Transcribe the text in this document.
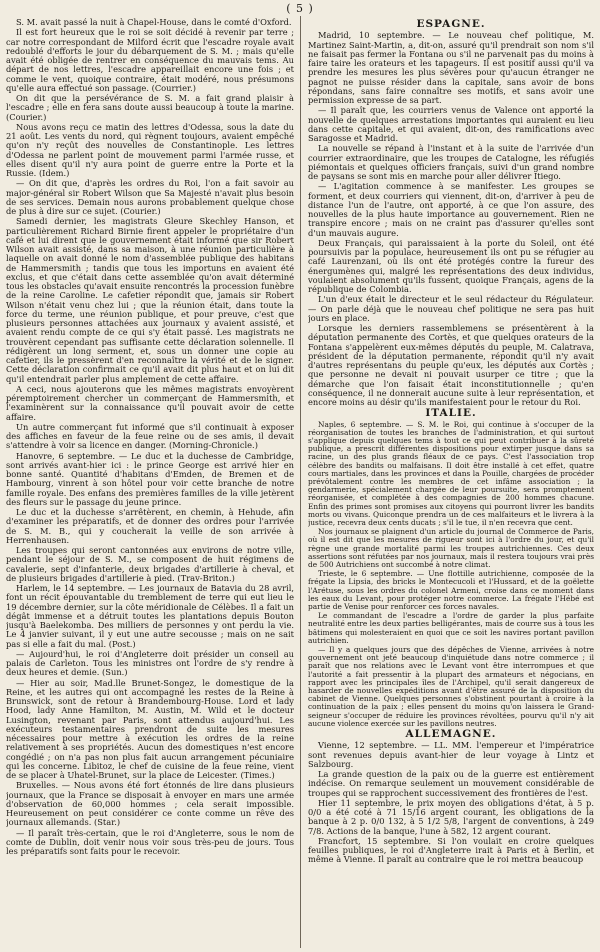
( 5 )

S. M. avait passé la nuit à Chapel-House, dans le comté d'Oxford.

Il est fort heureux que le roi se soit décidé à revenir par terre ; car notre correspondant de Milford écrit que l'escadre royale avait redoublé d'efforts le jour du débarquement de S. M. ; mais qu'elle avait été obligée de rentrer en conséquence du mauvais tems. Au départ de nos lettres, l'escadre appareillait encore une fois ; et comme le vent, quoique contraire, était modéré, nous présumons qu'elle aura effectué son passage. (Courrier.)

On dit que la persévérance de S. M. a fait grand plaisir à l'escadre ; elle en fera sans doute aussi beaucoup à toute la marine. (Courier.)

Nous avons reçu ce matin des lettres d'Odessa, sous la date du 21 août. Les vents du nord, qui règnent toujours, avaient empêché qu'on n'y reçût des nouvelles de Constantinople. Les lettres d'Odessa ne parlent point de mouvement parmi l'armée russe, et elles disent qu'il n'y aura point de guerre entre la Porte et la Russie. (Idem.)

— On dit que, d'après les ordres du Roi, l'on a fait savoir au major-général sir Robert Wilson que Sa Majesté n'avait plus besoin de ses services. Demain nous aurons probablement quelque chose de plus à dire sur ce sujet. (Courier.)

Samedi dernier, les magistrats Gleure Skechley Hanson, et particulièrement Richard Birnie firent appeler le propriétaire d'un café et lui dirent que le gouvernement était informé que sir Robert Wilson avait assisté, dans sa maison, à une réunion particulière à laquelle on avait donné le nom d'assemblée publique des habitans de Hammersmith ; tandis que tous les importuns en avaient été exclus, et que c'était dans cette assemblée qu'on avait déterminé tous les obstacles qu'avait ensuite rencontrés la procession funèbre de la reine Caroline. Le cafetier répondit que, jamais sir Robert Wilson n'était venu chez lui ; que la réunion était, dans toute la force du terme, une réunion publique, et pour preuve, c'est que plusieurs personnes attachées aux journaux y avaient assisté, et avaient rendu compte de ce qui s'y était passé. Les magistrats ne trouvèrent cependant pas suffisante cette déclaration solennelle. Il rédigèrent un long serment, et, sous un donner une copie au cafetier, ils le pressèrent d'en reconnaître la vérité et de le signer. Cette déclaration confirmait ce qu'il avait dit plus haut et on lui dit qu'il entendrait parler plus amplement de cette affaire.

A ceci, nous ajouterons que les mêmes magistrats envoyèrent péremptoirement chercher un commerçant de Hammersmith, et l'examinèrent sur la connaissance qu'il pouvait avoir de cette affaire.

Un autre commerçant fut informé que s'il continuait à exposer des affiches en faveur de la feue reine ou de ses amis, il devait s'attendre à voir sa licence en danger. (Morning-Chronicle.)

Hanovre, 6 septembre. — Le duc et la duchesse de Cambridge, sont arrivés avant-hier ici : le prince George est arrivé hier en bonne santé. Quantité d'habitans d'Emden, de Bremen et de Hambourg, vinrent à son hôtel pour voir cette branche de notre famille royale. Des enfans des premières familles de la ville jetèrent des fleurs sur le passage du jeune prince.

Le duc et la duchesse s'arrêtèrent, en chemin, à Hehude, afin d'examiner les préparatifs, et de donner des ordres pour l'arrivée de S. M. B., qui y coucherait la veille de son arrivée à Herrenhausen.

Les troupes qui seront cantonnées aux environs de notre ville, pendant le séjour de S. M., se composent de huit régimens de cavalerie, sept d'infanterie, deux brigades d'artillerie à cheval, et de plusieurs brigades d'artillerie à pied. (Trav-Briton.)

Harlem, le 14 septembre. — Les journaux de Batavia du 28 avril, font un récit épouvantable du tremblement de terre qui eut lieu le 19 décembre dernier, sur la côte méridionale de Célèbes. Il a fait un dégât immense et a détruit toutes les plantations depuis Bouton jusqu'à Baelekomba. Des milliers de personnes y ont perdu la vie. Le 4 janvier suivant, il y eut une autre secousse ; mais on ne sait pas si elle a fait du mal. (Post.)

— Aujourd'hui, le roi d'Angleterre doit présider un conseil au palais de Carleton. Tous les ministres ont l'ordre de s'y rendre à deux heures et demie. (Sun.)

— Hier au soir, Mad.lle Brunet-Songez, le domestique de la Reine, et les autres qui ont accompagné les restes de la Reine à Brunswick, sont de retour à Brandembourg-House. Lord et lady Hood, lady Anne Hamilton, M. Austin, M. Wild et le docteur Lusington, revenant par Paris, sont attendus aujourd'hui. Les exécuteurs testamentaires prendront de suite les mesures nécessaires pour mettre à exécution les ordres de la reine relativement à ses propriétés. Aucun des domestiques n'est encore congédié ; on n'a pas non plus fait aucun arrangement pécuniaire qui les concerne. Libitoz, le chef de cuisine de la feue reine, vient de se placer à Uhatel-Brunet, sur la place de Leicester. (Times.)

Bruxelles. — Nous avons été fort étonnés de lire dans plusieurs journaux, que la France se disposait à envoyer en mars une armée d'observation de 60,000 hommes ; cela serait impossible. Heureusement on peut considérer ce conte comme un rêve des journaux allemands. (Star.)

— Il paraît très-certain, que le roi d'Angleterre, sous le nom de comte de Dublin, doit venir nous voir sous très-peu de jours. Tous les préparatifs sont faits pour le recevoir.

ESPAGNE.

Madrid, 10 septembre. — Le nouveau chef politique, M. Martinez Saint-Martin, a, dit-on, assuré qu'il prendrait son nom s'il ne faisait pas fermer la Fontana ou s'il ne parvenait pas du moins à faire taire les orateurs et les tapageurs. Il est positif aussi qu'il va prendre les mesures les plus sévères pour qu'aucun étranger ne pagnot ne puisse résider dans la capitale, sans avoir de bons répondans, sans faire connaître ses motifs, et sans avoir une permission expresse de sa part.

— Il paraît que, les courriers venus de Valence ont apporté la nouvelle de quelques arrestations importantes qui auraient eu lieu dans cette capitale, et qui avaient, dit-on, des ramifications avec Saragosse et Madrid.

La nouvelle se répand à l'instant et à la suite de l'arrivée d'un courrier extraordinaire, que les troupes de Catalogne, les réfugiés piémontais et quelques officiers français, suivi d'un grand nombre de paysans se sont mis en marche pour aller délivrer Itiego.

— L'agitation commence à se manifester. Les groupes se forment, et deux courriers qui viennent, dit-on, d'arriver à peu de distance l'un de l'autre, ont apporté, à ce que l'on assure, des nouvelles de la plus haute importance au gouvernement. Rien ne transpire encore ; mais on ne craint pas d'assurer qu'elles sont d'un mauvais augure.

Deux Français, qui paraissaient à la porte du Soleil, ont été poursuivis par la populace, heureusement ils ont pu se réfugier au café Laurenzani, où ils ont été protégés contre la fureur des énergumènes qui, malgré les représentations des deux individus, voulaient absolument qu'ils fussent, quoique Français, agens de la république de Colombia.

L'un d'eux était le directeur et le seul rédacteur du Régulateur. — On parle déjà que le nouveau chef politique ne sera pas huit jours en place.

Lorsque les derniers rassemblemens se présentèrent à la députation permanente des Cortès, et que quelques orateurs de la Fontana s'appelèrent eux-mêmes députés du peuple, M. Calatrava, président de la députation permanente, répondit qu'il n'y avait d'autres représentans du peuple qu'eux, les députés aux Cortès ; que personne ne devait ni pouvait usurper ce titre ; que la démarche que l'on faisait était inconstitutionnelle ; qu'en conséquence, il ne donnerait aucune suite à leur représentation, et encore moins au désir qu'ils manifestaient pour le retour du Roi.

ITALIE.

Naples, 6 septembre. — S. M. le Roi, qui continue à s'occuper de la réorganisation de toutes les branches de l'administration, et qui surtout s'applique depuis quelques tems à tout ce qui peut contribuer à la sûreté publique, a prescrit différentes dispositions pour extirper jusque dans sa racine, un des plus grands fléaux de ce pays. C'est l'association trop célèbre des bandits ou malfaisans. Il doit être installé à cet effet, quatre cours martiales, dans les provinces et dans la Pouille, chargées de procéder prévôtalement contre les membres de cet infâme association ; la gendarmerie, spécialement chargée de leur poursuite, sera promptement réorganisée, et complétée à des compagnies de 200 hommes chacune. Enfin des primes sont promises aux citoyens qui pourront livrer les bandits morts ou vivans. Quiconque prendra un de ces malfaiteurs et le livrera à la justice, recevra deux cents ducats ; s'il le tue, il n'en recevra que cent.

Nos journaux se plaignent d'un article du journal de Commerce de Paris, où il est dit que les mesures de rigueur sont ici à l'ordre du jour, et qu'il règne une grande mortalité parmi les troupes autrichiennes. Ces deux assertions sont réfutées par nos journaux, mais il restera toujours vrai près de 500 Autrichiens ont succombé à notre climat.

Trieste, le 6 septembre. — Une flottille autrichienne, composée de la frégate la Lipsia, des bricks le Montecucoli et l'Hussard, et de la goëlette l'Arétuse, sous les ordres du colonel Armeni, croise dans ce moment dans les eaux du Levant, pour protéger notre commerce. La frégate l'Hébé est partie de Venise pour renforcer ces forces navales.

Le commandant de l'escadre a l'ordre de garder la plus parfaite neutralité entre les deux parties belligérantes, mais de courre sus à tous les bâtimens qui molesteraient en quoi que ce soit les navires portant pavillon autrichien.

— Il y a quelques jours que des dépêches de Vienne, arrivées à notre gouvernement ont jeté beaucoup d'inquiétude dans notre commerce ; il paraît que nos relations avec le Levant vont être interrompues et que l'autorité a fait pressentir à la plupart des armateurs et négocians, en rapport avec les principales îles de l'Archipel, qu'il serait dangereux de hasarder de nouvelles expéditions avant d'être assuré de la disposition du cabinet de Vienne. Quelques personnes s'obstinent pourtant à croire à la continuation de la paix ; elles pensent du moins qu'on laissera le Grand-seigneur s'occuper de réduire les provinces révoltées, pourvu qu'il n'y ait aucune violence exercée sur les pavillons neutres.

ALLEMAGNE.

Vienne, 12 septembre. — LL. MM. l'empereur et l'impératrice sont revenues depuis avant-hier de leur voyage à Lintz et Salzbourg.

La grande question de la paix ou de la guerre est entièrement indécise. On remarque seulement un mouvement considérable de troupes qui se rapprochent successivement des frontières de l'est.

Hier 11 septembre, le prix moyen des obligations d'état, à 5 p. 0/0 a été coté à 71 15/16 argent courant, les obligations de la banque à 2 p. 0/0 132, à 5 1/2 5/8, l'argent de conventions, à 249 7/8. Actions de la banque, l'une à 582, 12 argent courant.

Francfort, 15 septembre. Si l'on voulait en croire quelques feuilles publiques, le roi d'Angleterre irait à Paris et à Berlin, et même à Vienne. Il paraît au contraire que le roi mettra beaucoup
